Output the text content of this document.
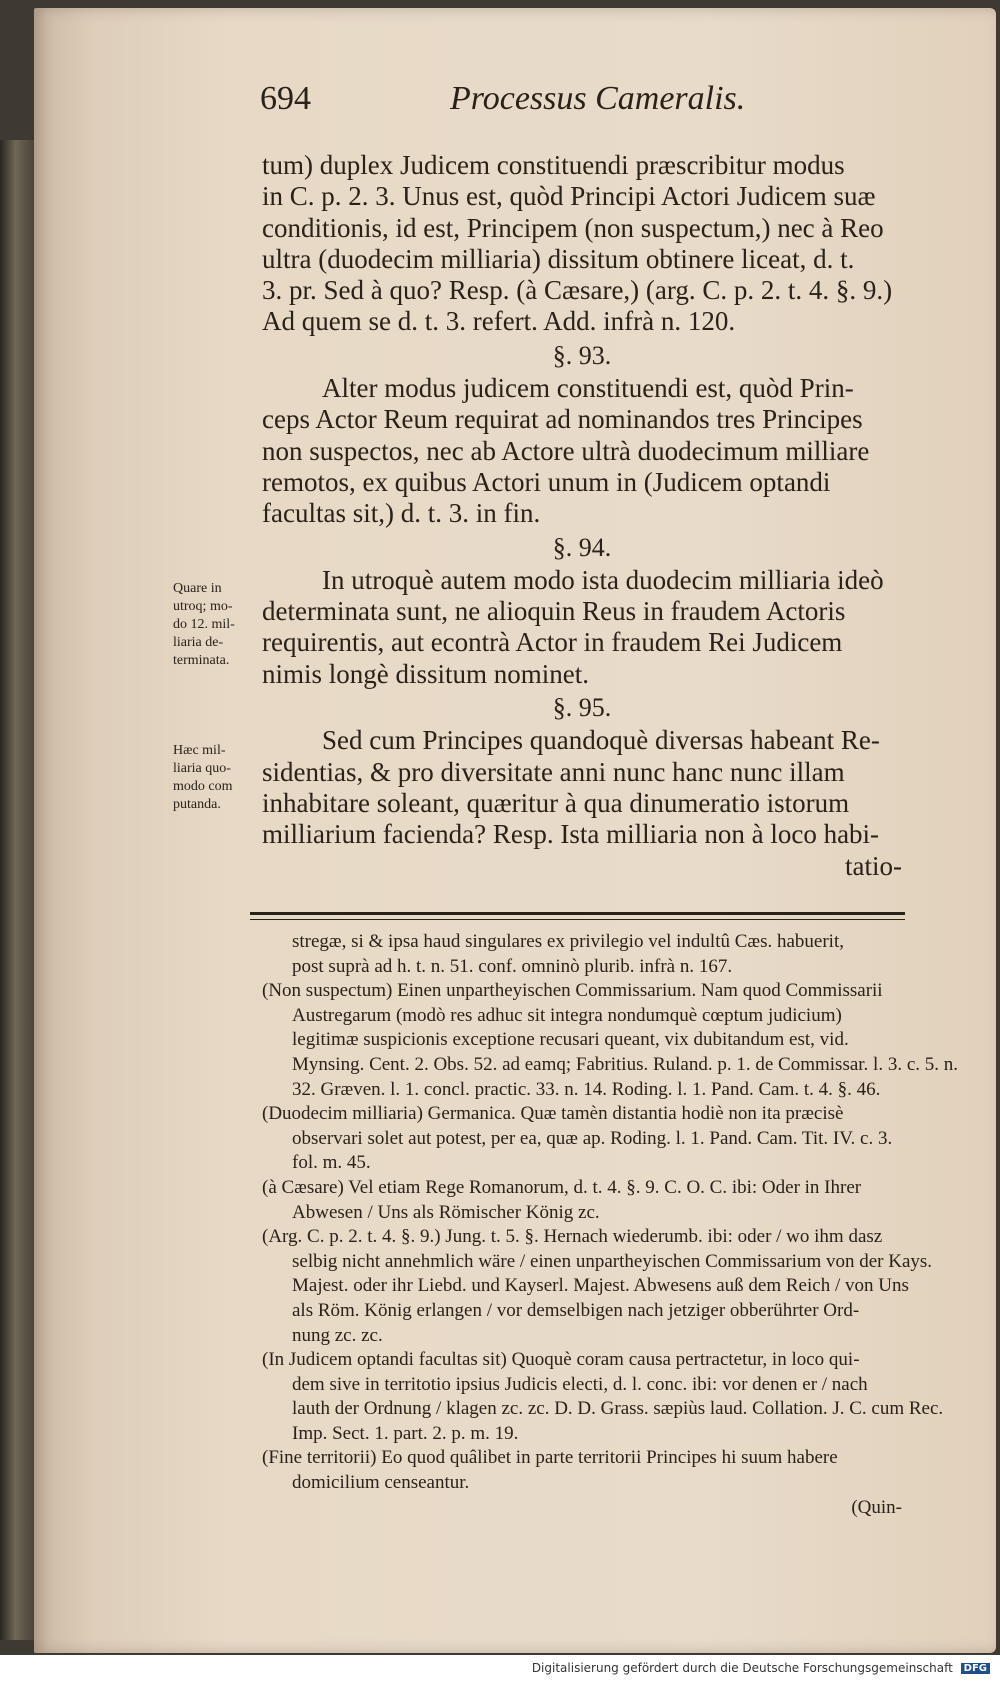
694	Processus Cameralis.

tum) duplex Judicem constituendi præscribitur modus
in C. p. 2. 3. Unus est, quòd Principi Actori Judicem suæ
conditionis, id est, Principem (non suspectum,) nec à Reo
ultra (duodecim milliaria) dissitum obtinere liceat, d. t.
3. pr. Sed à quo? Resp. (à Cæsare,) (arg. C. p. 2. t. 4. §. 9.)
Ad quem se d. t. 3. refert. Add. infrà n. 120.

§. 93.

Alter modus judicem constituendi est, quòd Prin-
ceps Actor Reum requirat ad nominandos tres Principes
non suspectos, nec ab Actore ultrà duodecimum milliare
remotos, ex quibus Actori unum in (Judicem optandi
facultas sit,) d. t. 3. in fin.

§. 94.

In utroquè autem modo ista duodecim milliaria ideò
determinata sunt, ne alioquin Reus in fraudem Actoris
requirentis, aut econtrà Actor in fraudem Rei Judicem
nimis longè dissitum nominet.

§. 95.

Sed cum Principes quandoquè diversas habeant Re-
sidentias, & pro diversitate anni nunc hanc nunc illam
inhabitare soleant, quæritur à qua dinumeratio istorum
milliarium facienda? Resp. Ista milliaria non à loco habi-
tatio-

Quare in
utroq; mo-
do 12. mil-
liaria de-
terminata.
Hæc mil-
liaria quo-
modo com
putanda.

stregæ, si & ipsa haud singulares ex privilegio vel indultû Cæs. habuerit,
post suprà ad h. t. n. 51. conf. omninò plurib. infrà n. 167.

(Non suspectum) Einen unpartheyischen Commissarium. Nam quod Commissarii
Austregarum (modò res adhuc sit integra nondumquè cœptum judicium)
legitimæ suspicionis exceptione recusari queant, vix dubitandum est, vid.
Mynsing. Cent. 2. Obs. 52. ad eamq; Fabritius. Ruland. p. 1. de Commissar. l. 3. c. 5. n.
32. Græven. l. 1. concl. practic. 33. n. 14. Roding. l. 1. Pand. Cam. t. 4. §. 46.

(Duodecim milliaria) Germanica. Quæ tamèn distantia hodiè non ita præcisè
observari solet aut potest, per ea, quæ ap. Roding. l. 1. Pand. Cam. Tit. IV. c. 3.
fol. m. 45.

(à Cæsare) Vel etiam Rege Romanorum, d. t. 4. §. 9. C. O. C. ibi: Oder in Ihrer
Abwesen / Uns als Römischer König zc.

(Arg. C. p. 2. t. 4. §. 9.) Jung. t. 5. §. Hernach wiederumb. ibi: oder / wo ihm dasz
selbig nicht annehmlich wäre / einen unpartheyischen Commissarium von der Kays.
Majest. oder ihr Liebd. und Kayserl. Majest. Abwesens auß dem Reich / von Uns
als Röm. König erlangen / vor demselbigen nach jetziger obberührter Ord-
nung zc. zc.

(In Judicem optandi facultas sit) Quoquè coram causa pertractetur, in loco qui-
dem sive in territotio ipsius Judicis electi, d. l. conc. ibi: vor denen er / nach
lauth der Ordnung / klagen zc. zc. D. D. Grass. sæpiùs laud. Collation. J. C. cum Rec.
Imp. Sect. 1. part. 2. p. m. 19.

(Fine territorii) Eo quod quâlibet in parte territorii Principes hi suum habere
domicilium censeantur.
(Quin-

Digitalisierung gefördert durch die Deutsche Forschungsgemeinschaft DFG
